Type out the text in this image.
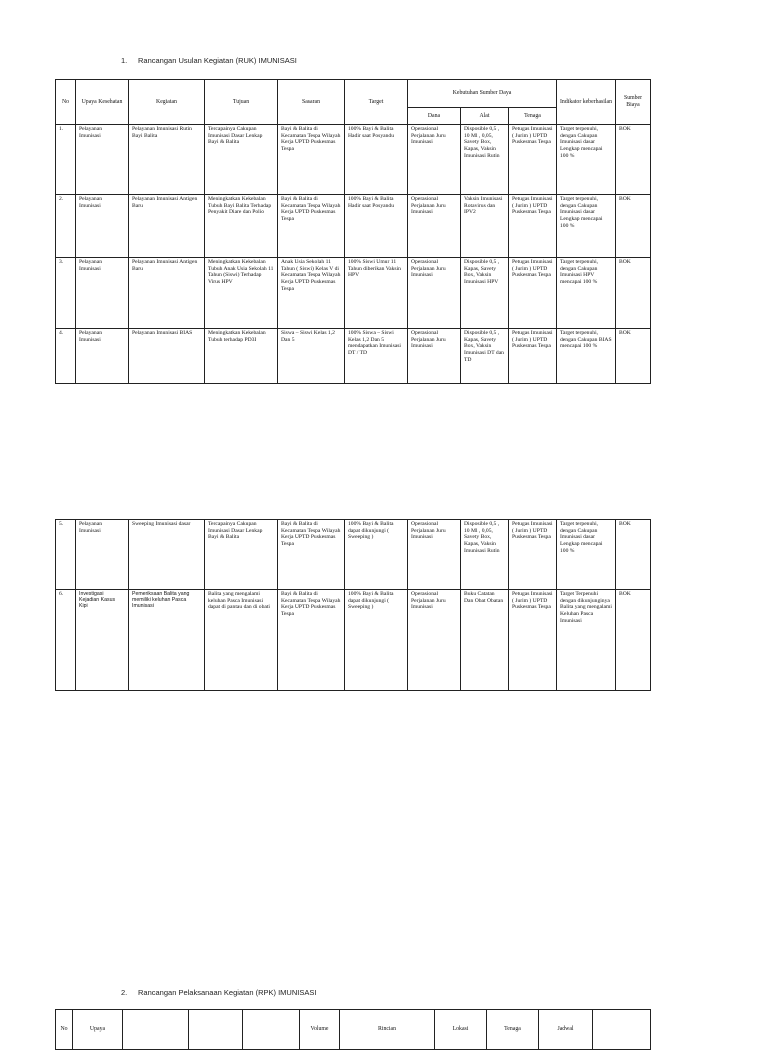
1. Rancangan Usulan Kegiatan (RUK) IMUNISASI
No	Upaya Kesehatan	Kegiatan	Tujuan	Sasaran	Target	Kebutuhan Sumber Daya			Indikator keberhasilan	Sumber Biaya
						Dana	Alat	Tenaga		
1.	Pelayanan Imunisasi	Pelayanan Imunisasi Rutin Bayi Balita	Tercapainya Cakupan Imunisasi Dasar Lenkap Bayi & Balita	Bayi & Balita di Kecamatan Tespa Wilayah Kerja UPTD Puskesmas Tespa	100% Bayi & Balita Hadir saat Posyandu	Operasional Perjalanan Juru Imunisasi	Disposible 0,5 , 10 Ml , 0,05, Savety Box, Kapas, Vaksin Imunisasi Rutin	Petugas Imunisasi ( Jurim ) UPTD Puskesmas Tespa	Target terpenuhi, dengan Cakupan Imunisasi dasar Lengkap mencapai 100 %	BOK
2.	Pelayanan Imunisasi	Pelayanan Imunisasi Antigen Baru	Meningkatkan Kekebalan Tubuh Bayi Balita Terhadap Penyakit Diare dan Polio	Bayi & Balita di Kecamatan Tespa Wilayah Kerja UPTD Puskesmas Tespa	100% Bayi & Balita Hadir saat Posyandu	Operasional Perjalanan Juru Imunisasi	Vaksin Imunisasi Rotavirus dan IPV2	Petugas Imunisasi ( Jurim ) UPTD Puskesmas Tespa	Target terpenuhi, dengan Cakupan Imunisasi dasar Lengkap mencapai 100 %	BOK
3.	Pelayanan Imunisasi	Pelayanan Imunisasi Antigen Baru	Meningkatkan Kekebalan Tubuh Anak Usia Sekolah 11 Tahun (Siswi) Terhadap Virus HPV	Anak Usia Sekolah 11 Tahun ( Siswi) Kelas V di Kecamatan Tespa Wilayah Kerja UPTD Puskesmas Tespa	100% Siswi Umur 11 Tahun diberikan Vaksin HPV	Operasional Perjalanan Juru Imunisasi	Disposible 0,5 , Kapas, Savety Box, Vaksin Imunisasi HPV	Petugas Imunisasi ( Jurim ) UPTD Puskesmas Tespa	Target terpenuhi, dengan Cakupan Imunisasi HPV mencapai 100 %	BOK
4.	Pelayanan Imunisasi	Pelayanan Imunisasi BIAS	Meningkatkan Kekebalan Tubuh terhadap PD3I	Siswa – Siswi Kelas 1,2 Dan 5	100% Siswa – Siswi Kelas 1,2 Dan 5 mendapatkan Imunisasi DT / TD	Operasional Perjalanan Juru Imunisasi	Disposible 0,5 , Kapas, Savety Box, Vaksin Imunisasi DT dan TD	Petugas Imunisasi ( Jurim ) UPTD Puskesmas Tespa	Target terpenuhi, dengan Cakupan BIAS mencapai 100 %	BOK
5.	Pelayanan Imunisasi	Sweeping Imunisasi dasar	Tercapainya Cakupan Imunisasi Dasar Lenkap Bayi & Balita	Bayi & Balita di Kecamatan Tespa Wilayah Kerja UPTD Puskesmas Tespa	100% Bayi & Balita dapat dikunjungi ( Sweeping )	Operasional Perjalanan Juru Imunisasi	Disposible 0,5 , 10 Ml , 0,05, Savety Box, Kapas, Vaksin Imunisasi Rutin	Petugas Imunisasi ( Jurim ) UPTD Puskesmas Tespa	Target terpenuhi, dengan Cakupan Imunisasi dasar Lengkap mencapai 100 %	BOK
6.	Investigasi Kejadian Kasus Kipi	Pemeriksaan Balita yang memiliki keluhan Pasca Imunisasi	Balita yang mengalami keluhan Pasca Imunisasi dapat di pantau dan di obati	Bayi & Balita di Kecamatan Tespa Wilayah Kerja UPTD Puskesmas Tespa	100% Bayi & Balita dapat dikunjungi ( Sweeping )	Operasional Perjalanan Juru Imunisasi	Buku Catatan Dan Obat Obatan	Petugas Imunisasi ( Jurim ) UPTD Puskesmas Tespa	Target Terpenuhi dengan dikunjunginya Balita yang mengalami Keluhan Pasca Imunisasi	BOK
2. Rancangan Pelaksanaan Kegiatan (RPK) IMUNISASI
No	Upaya				Volume	Rincian	Lokasi	Tenaga	Jadwal	
